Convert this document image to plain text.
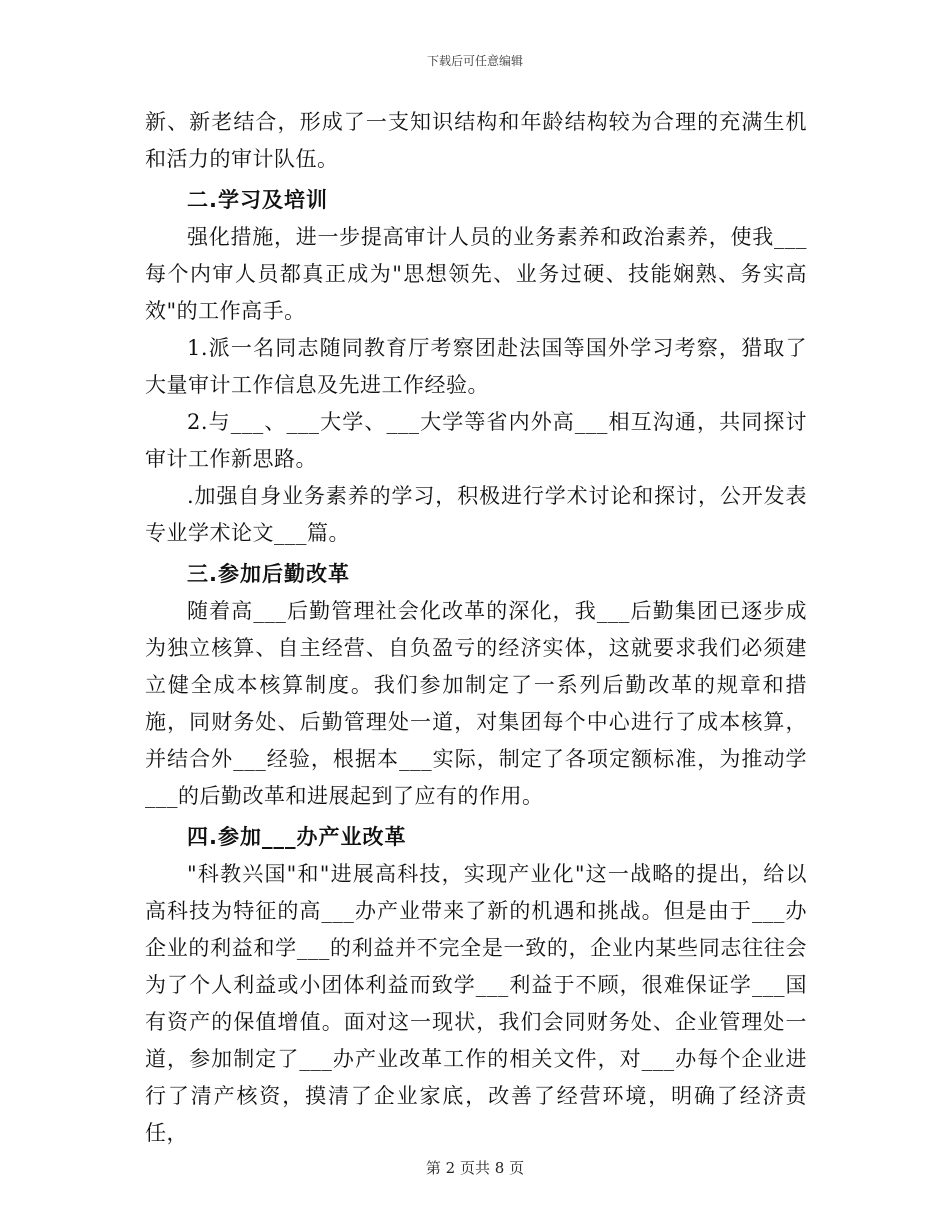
下载后可任意编辑

新、新老结合，形成了一支知识结构和年龄结构较为合理的充满生机和活力的审计队伍。

二.学习及培训

强化措施，进一步提高审计人员的业务素养和政治素养，使我___每个内审人员都真正成为"思想领先、业务过硬、技能娴熟、务实高效"的工作高手。

1.派一名同志随同教育厅考察团赴法国等国外学习考察，猎取了大量审计工作信息及先进工作经验。

2.与___、___大学、___大学等省内外高___相互沟通，共同探讨审计工作新思路。

.加强自身业务素养的学习，积极进行学术讨论和探讨，公开发表专业学术论文___篇。

三.参加后勤改革

随着高___后勤管理社会化改革的深化，我___后勤集团已逐步成为独立核算、自主经营、自负盈亏的经济实体，这就要求我们必须建立健全成本核算制度。我们参加制定了一系列后勤改革的规章和措施，同财务处、后勤管理处一道，对集团每个中心进行了成本核算，并结合外___经验，根据本___实际，制定了各项定额标准，为推动学___的后勤改革和进展起到了应有的作用。

四.参加___办产业改革

"科教兴国"和"进展高科技，实现产业化"这一战略的提出，给以高科技为特征的高___办产业带来了新的机遇和挑战。但是由于___办企业的利益和学___的利益并不完全是一致的，企业内某些同志往往会为了个人利益或小团体利益而致学___利益于不顾，很难保证学___国有资产的保值增值。面对这一现状，我们会同财务处、企业管理处一道，参加制定了___办产业改革工作的相关文件，对___办每个企业进行了清产核资，摸清了企业家底，改善了经营环境，明确了经济责任，

第 2 页共 8 页
